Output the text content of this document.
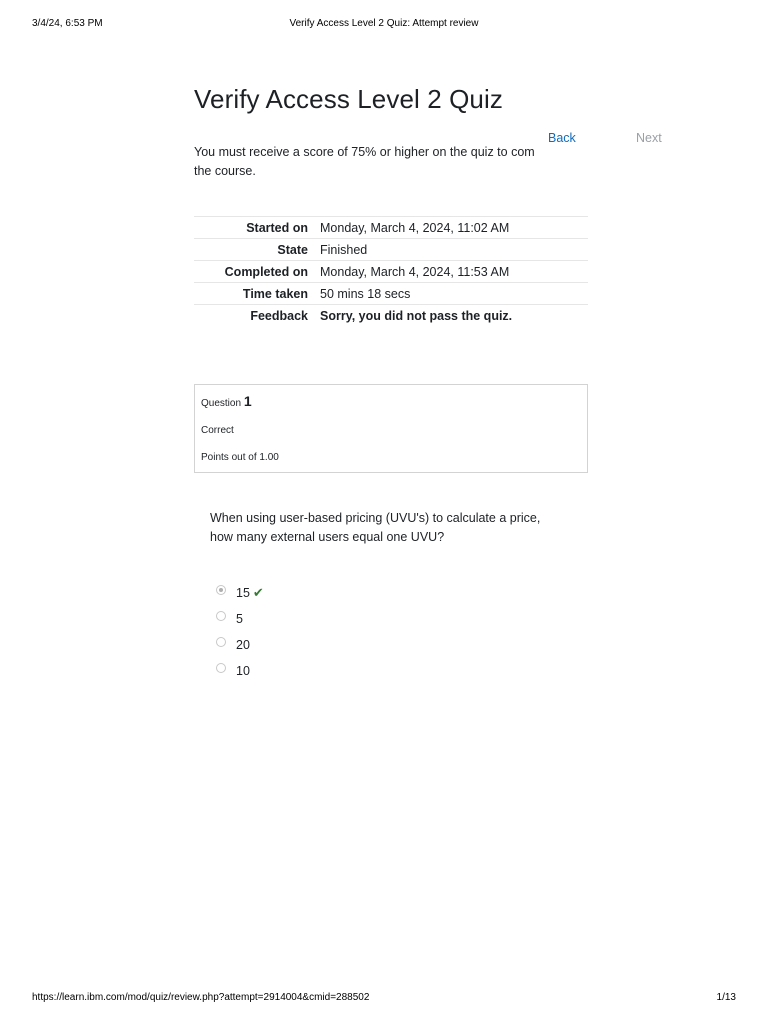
3/4/24, 6:53 PM	Verify Access Level 2 Quiz: Attempt review
Verify Access Level 2 Quiz
Back	Next
You must receive a score of 75% or higher on the quiz to com
the course.
Started on	Monday, March 4, 2024, 11:02 AM
State	Finished
Completed on	Monday, March 4, 2024, 11:53 AM
Time taken	50 mins 18 secs
Feedback	Sorry, you did not pass the quiz.
Question 1
Correct
Points out of 1.00
When using user-based pricing (UVU's) to calculate a price,
how many external users equal one UVU?
15 ✔
5
20
10
https://learn.ibm.com/mod/quiz/review.php?attempt=2914004&cmid=288502	1/13
